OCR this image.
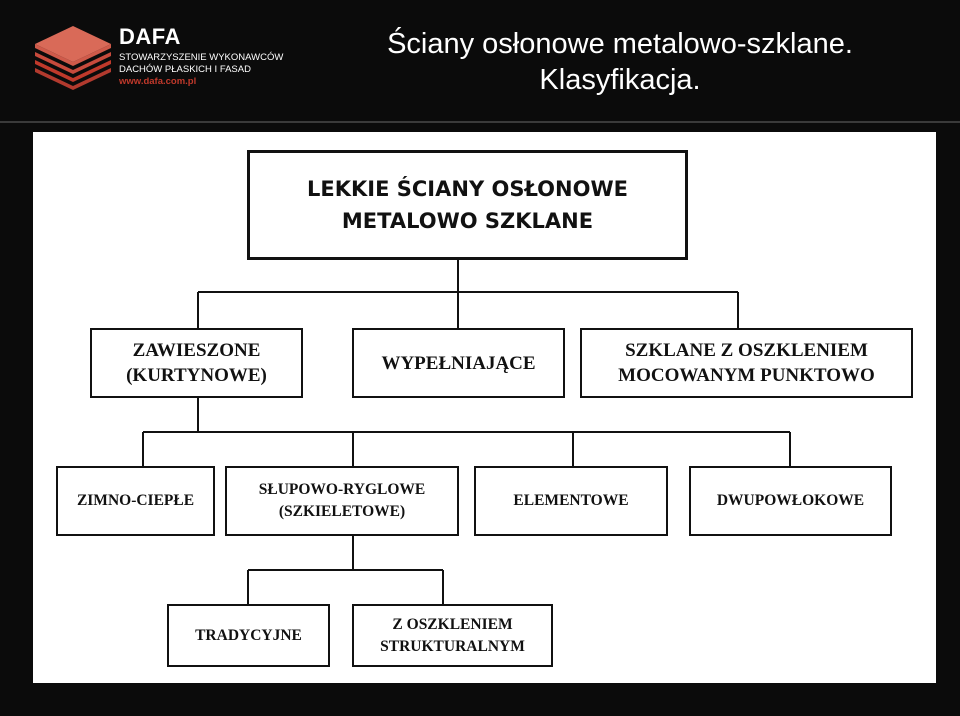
DAFA
STOWARZYSZENIE WYKONAWCÓW
DACHÓW PŁASKICH I FASAD
www.dafa.com.pl
Ściany osłonowe metalowo-szklane.
Klasyfikacja.
LEKKIE ŚCIANY OSŁONOWE
METALOWO SZKLANE
ZAWIESZONE
(KURTYNOWE)
WYPEŁNIAJĄCE
SZKLANE Z OSZKLENIEM
MOCOWANYM PUNKTOWO
ZIMNO-CIEPŁE
SŁUPOWO-RYGLOWE
(SZKIELETOWE)
ELEMENTOWE	DWUPOWŁOKOWE
TRADYCYJNE
Z OSZKLENIEM
STRUKTURALNYM
